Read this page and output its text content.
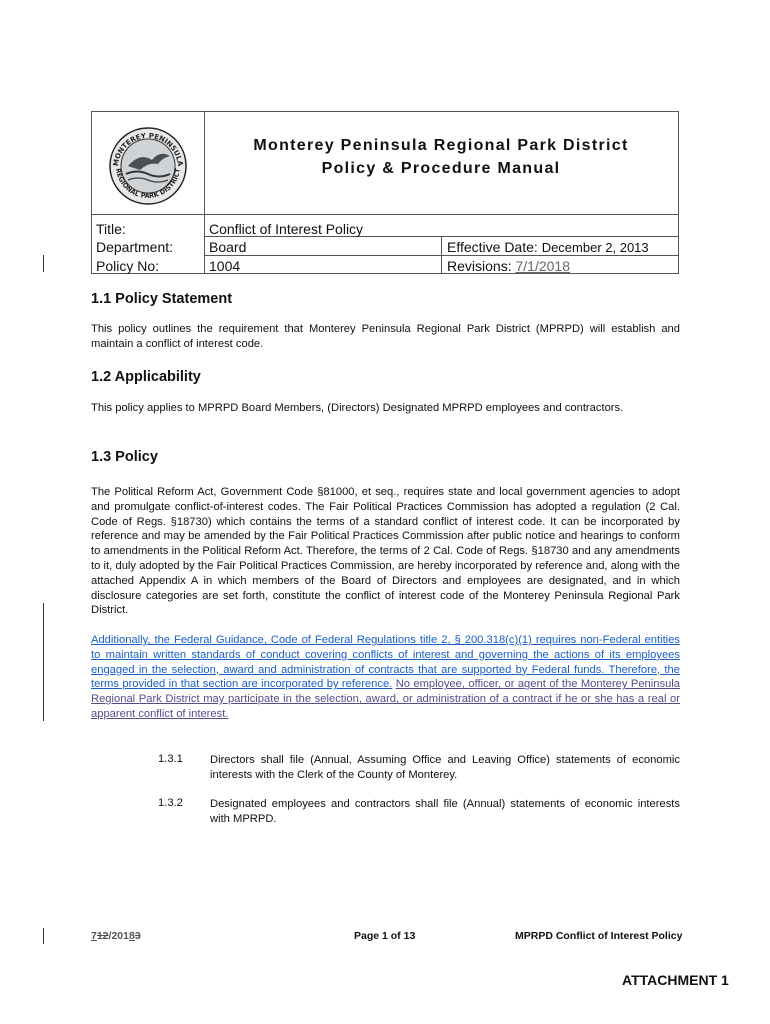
MONTEREY PENINSULA
REGIONAL PARK DISTRICT
Monterey Peninsula Regional Park District
Policy & Procedure Manual
Title:	Conflict of Interest Policy
Department:	Board	Effective Date: December 2, 2013
Policy No:	1004	Revisions: 7/1/2018
1.1 Policy Statement
This policy outlines the requirement that Monterey Peninsula Regional Park District (MPRPD) will establish and maintain a conflict of interest code.
1.2 Applicability
This policy applies to MPRPD Board Members, (Directors) Designated MPRPD employees and contractors.
1.3 Policy
The Political Reform Act, Government Code §81000, et seq., requires state and local government agencies to adopt and promulgate conflict-of-interest codes. The Fair Political Practices Commission has adopted a regulation (2 Cal. Code of Regs. §18730) which contains the terms of a standard conflict of interest code. It can be incorporated by reference and may be amended by the Fair Political Practices Commission after public notice and hearings to conform to amendments in the Political Reform Act. Therefore, the terms of 2 Cal. Code of Regs. §18730 and any amendments to it, duly adopted by the Fair Political Practices Commission, are hereby incorporated by reference and, along with the attached Appendix A in which members of the Board of Directors and employees are designated, and in which disclosure categories are set forth, constitute the conflict of interest code of the Monterey Peninsula Regional Park District.
Additionally, the Federal Guidance, Code of Federal Regulations title 2, § 200.318(c)(1) requires non-Federal entities to maintain written standards of conduct covering conflicts of interest and governing the actions of its employees engaged in the selection, award and administration of contracts that are supported by Federal funds. Therefore, the terms provided in that section are incorporated by reference. No employee, officer, or agent of the Monterey Peninsula Regional Park District may participate in the selection, award, or administration of a contract if he or she has a real or apparent conflict of interest.
1.3.1 Directors shall file (Annual, Assuming Office and Leaving Office) statements of economic interests with the Clerk of the County of Monterey.
1.3.2 Designated employees and contractors shall file (Annual) statements of economic interests with MPRPD.
712/20183	Page 1 of 13	MPRPD Conflict of Interest Policy
ATTACHMENT 1
